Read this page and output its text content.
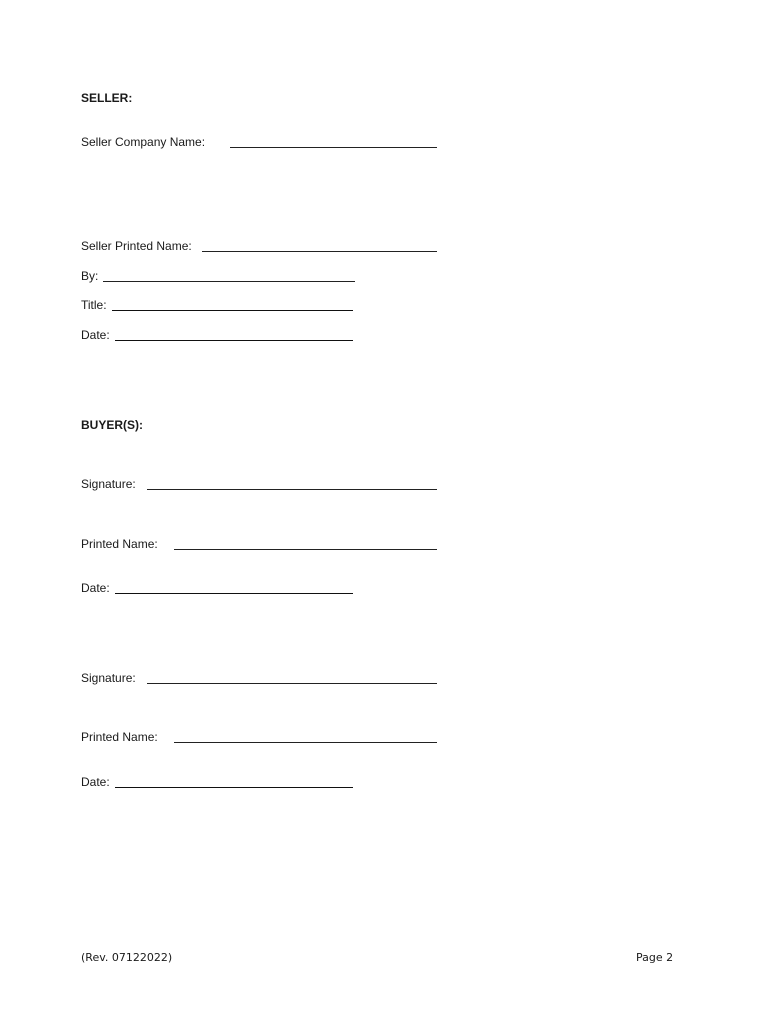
SELLER:
Seller Company Name:
Seller Printed Name:
By:
Title:
Date:
BUYER(S):
Signature:
Printed Name:
Date:
Signature:
Printed Name:
Date:
(Rev. 07122022)	Page 2
